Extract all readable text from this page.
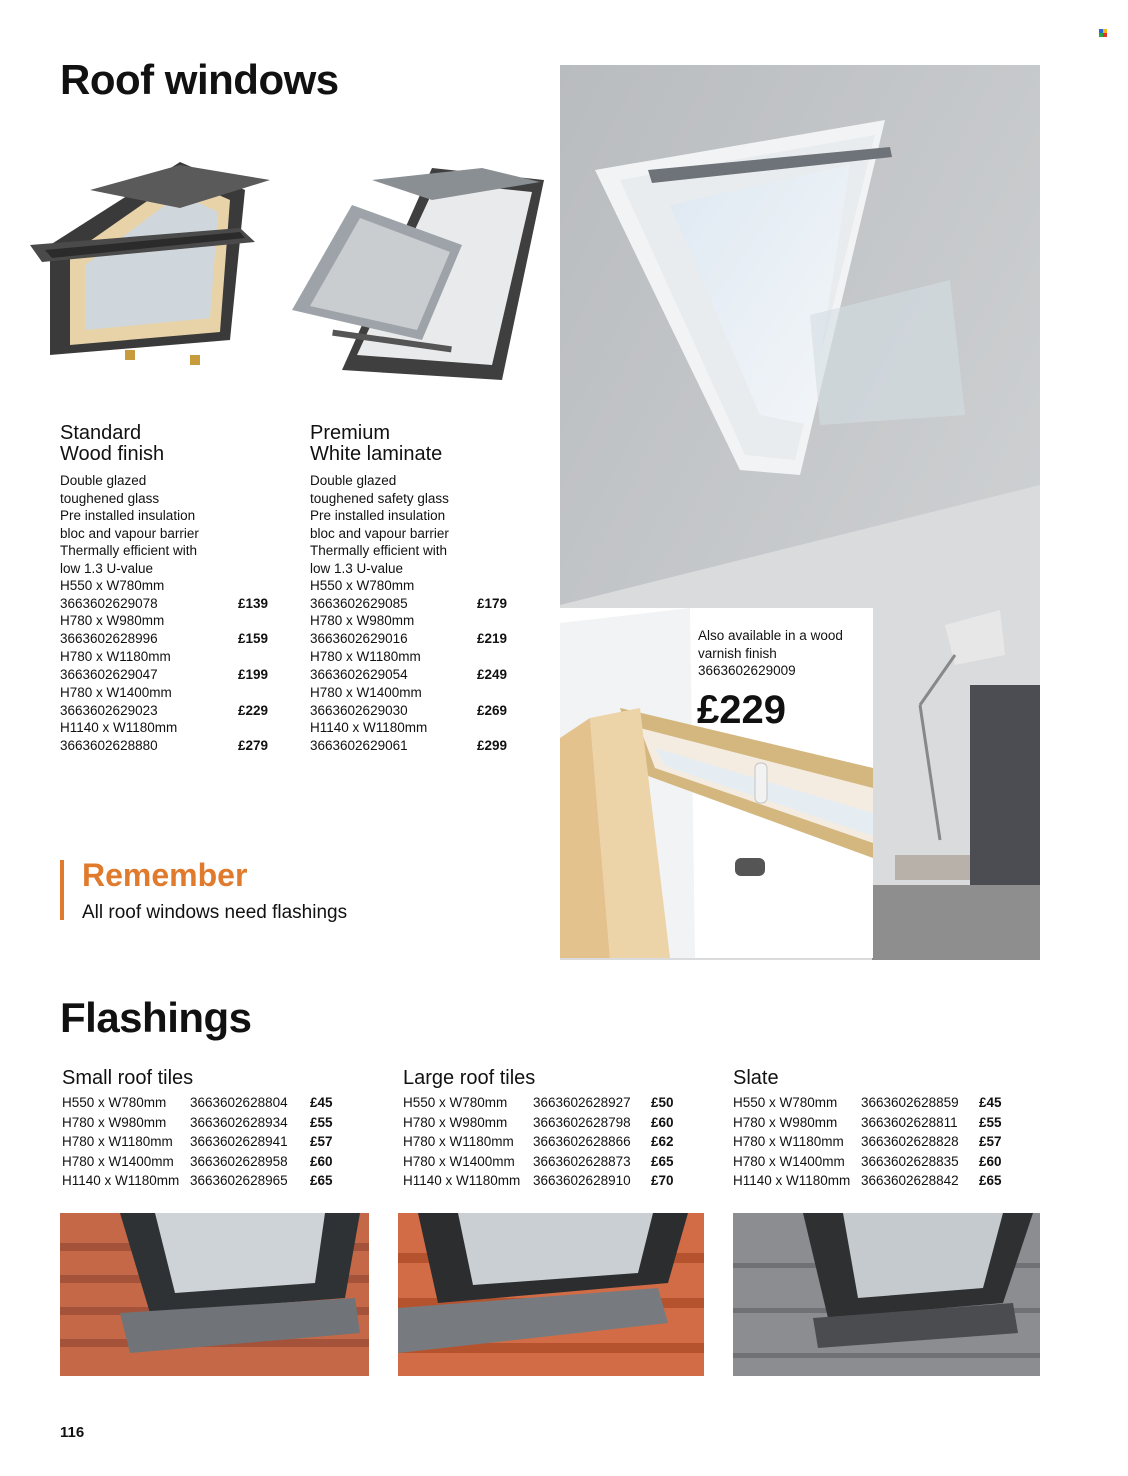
Roof windows
Standard
Wood finish
Double glazed
toughened glass
Pre installed insulation
bloc and vapour barrier
Thermally efficient with
low 1.3 U-value
H550 x W780mm
3663602629078	£139
H780 x W980mm
3663602628996	£159
H780 x W1180mm
3663602629047	£199
H780 x W1400mm
3663602629023	£229
H1140 x W1180mm
3663602628880	£279
Premium
White laminate
Double glazed
toughened safety glass
Pre installed insulation
bloc and vapour barrier
Thermally efficient with
low 1.3 U-value
H550 x W780mm
3663602629085	£179
H780 x W980mm
3663602629016	£219
H780 x W1180mm
3663602629054	£249
H780 x W1400mm
3663602629030	£269
H1140 x W1180mm
3663602629061	£299
Also available in a wood
varnish finish
3663602629009
£229
Remember
All roof windows need flashings
Flashings
Small roof tiles
H550 x W780mm 3663602628804 £45
H780 x W980mm 3663602628934 £55
H780 x W1180mm 3663602628941 £57
H780 x W1400mm 3663602628958 £60
H1140 x W1180mm 3663602628965 £65
Large roof tiles
H550 x W780mm 3663602628927 £50
H780 x W980mm 3663602628798 £60
H780 x W1180mm 3663602628866 £62
H780 x W1400mm 3663602628873 £65
H1140 x W1180mm 3663602628910 £70
Slate
H550 x W780mm 3663602628859 £45
H780 x W980mm 3663602628811 £55
H780 x W1180mm 3663602628828 £57
H780 x W1400mm 3663602628835 £60
H1140 x W1180mm 3663602628842 £65
116
